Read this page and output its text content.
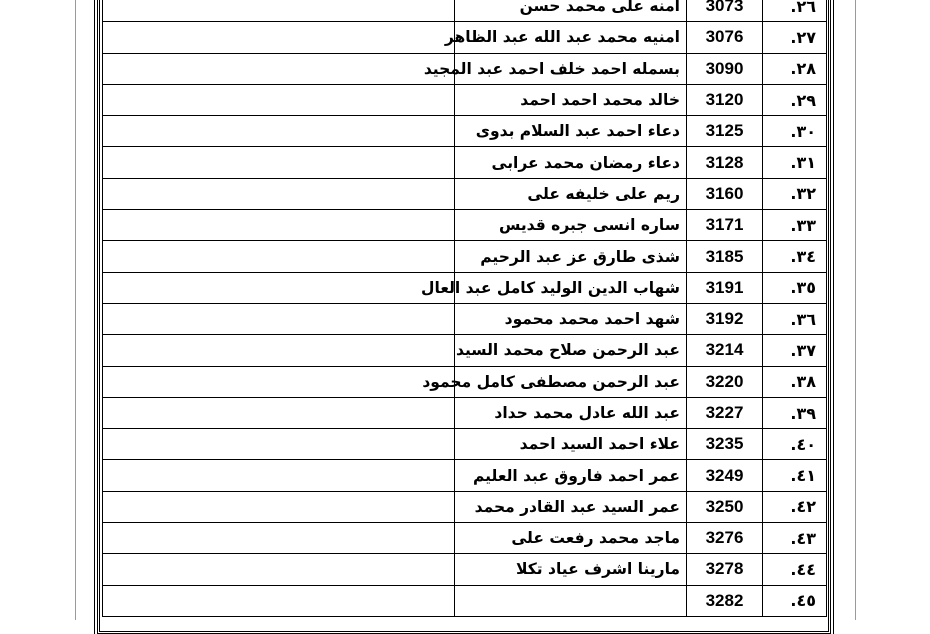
٢٦.	3073	امنه على محمد حسن	
٢٧.	3076	امنيه محمد عبد الله عبد الظاهر	
٢٨.	3090	بسمله احمد خلف احمد عبد المجيد	
٢٩.	3120	خالد محمد احمد احمد	
٣٠.	3125	دعاء احمد عبد السلام بدوى	
٣١.	3128	دعاء رمضان محمد عرابى	
٣٢.	3160	ريم على خليفه على	
٣٣.	3171	ساره انسى جبره قديس	
٣٤.	3185	شذى طارق عز عبد الرحيم	
٣٥.	3191	شهاب الدين الوليد كامل عبد العال	
٣٦.	3192	شهد احمد محمد محمود	
٣٧.	3214	عبد الرحمن صلاح محمد السيد	
٣٨.	3220	عبد الرحمن مصطفى كامل محمود	
٣٩.	3227	عبد الله عادل محمد حداد	
٤٠.	3235	علاء احمد السيد احمد	
٤١.	3249	عمر احمد فاروق عبد العليم	
٤٢.	3250	عمر السيد عبد القادر محمد	
٤٣.	3276	ماجد محمد رفعت على	
٤٤.	3278	مارينا اشرف عياد تكلا	
٤٥.	3282		
